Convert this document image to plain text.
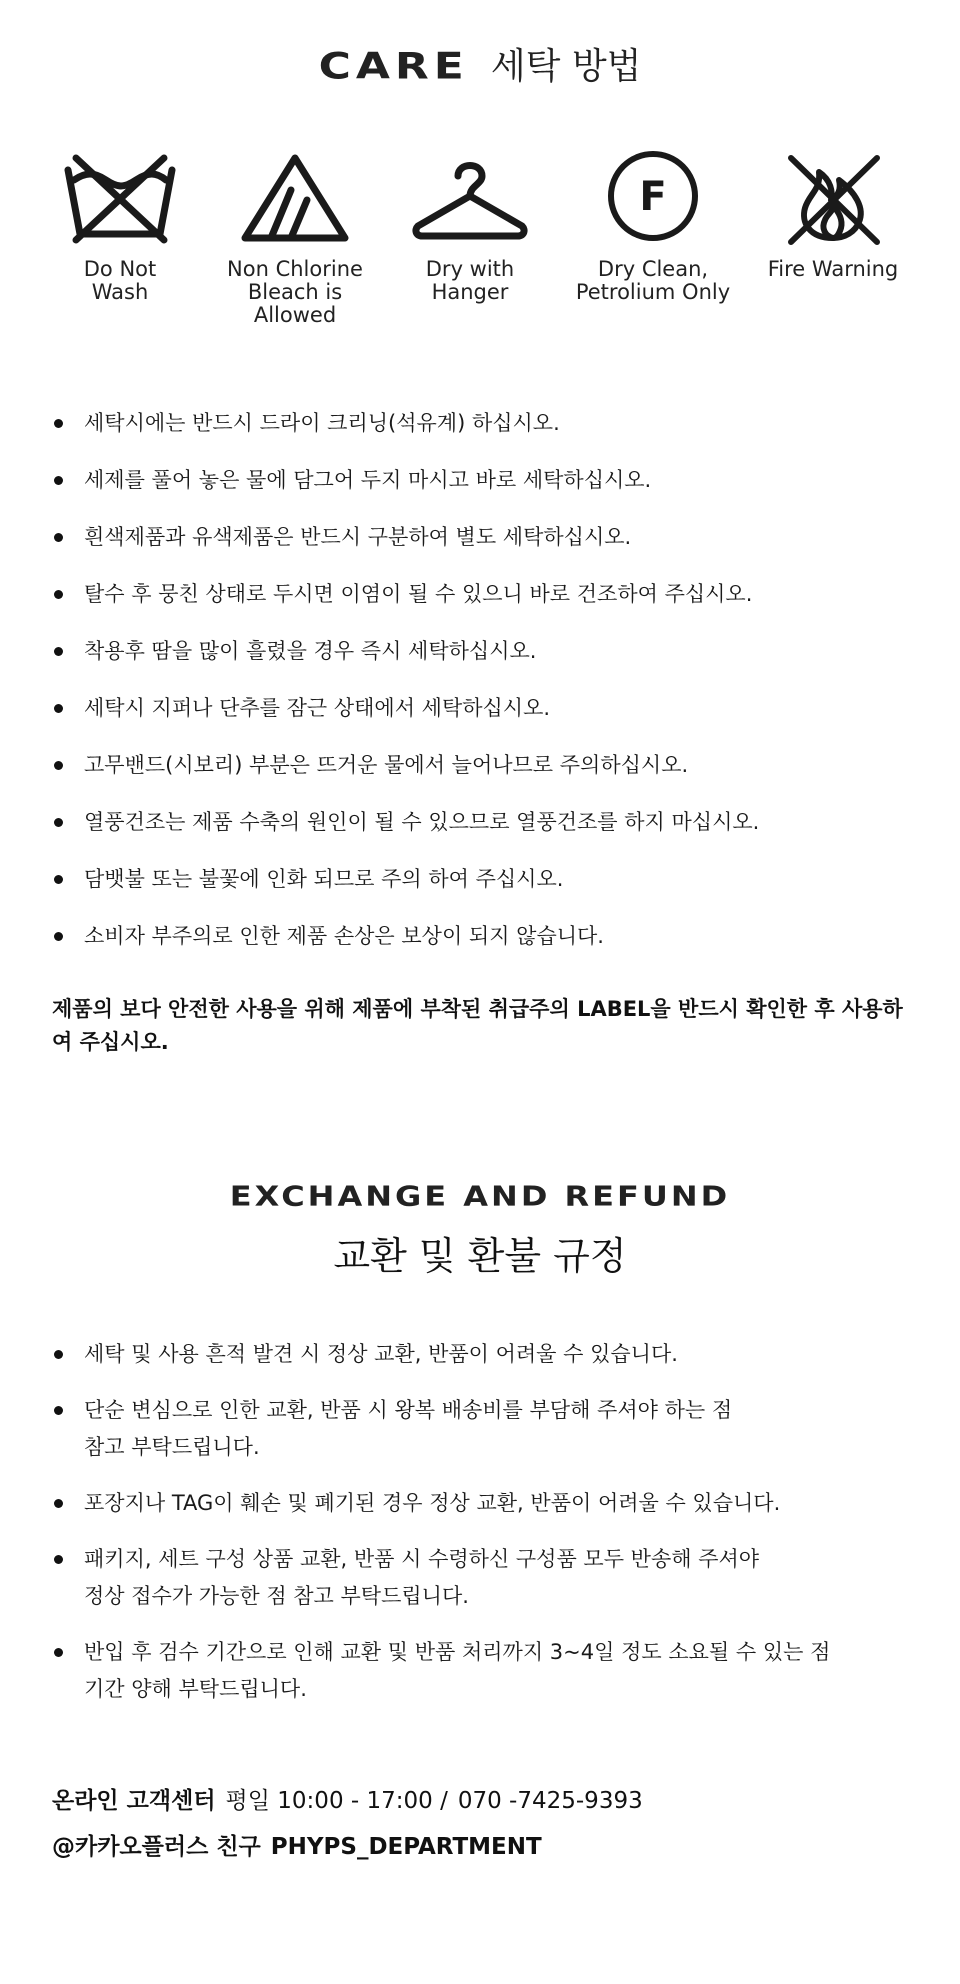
CARE 세탁 방법
Do Not
Wash
Non Chlorine
Bleach is
Allowed
Dry with
Hanger
F
Dry Clean,
Petrolium Only
Fire Warning
세탁시에는 반드시 드라이 크리닝(석유계) 하십시오.
세제를 풀어 놓은 물에 담그어 두지 마시고 바로 세탁하십시오.
흰색제품과 유색제품은 반드시 구분하여 별도 세탁하십시오.
탈수 후 뭉친 상태로 두시면 이염이 될 수 있으니 바로 건조하여 주십시오.
착용후 땀을 많이 흘렸을 경우 즉시 세탁하십시오.
세탁시 지퍼나 단추를 잠근 상태에서 세탁하십시오.
고무밴드(시보리) 부분은 뜨거운 물에서 늘어나므로 주의하십시오.
열풍건조는 제품 수축의 원인이 될 수 있으므로 열풍건조를 하지 마십시오.
담뱃불 또는 불꽃에 인화 되므로 주의 하여 주십시오.
소비자 부주의로 인한 제품 손상은 보상이 되지 않습니다.
제품의 보다 안전한 사용을 위해 제품에 부착된 취급주의 LABEL을 반드시 확인한 후 사용하여 주십시오.
EXCHANGE AND REFUND
교환 및 환불 규정
세탁 및 사용 흔적 발견 시 정상 교환, 반품이 어려울 수 있습니다.
단순 변심으로 인한 교환, 반품 시 왕복 배송비를 부담해 주셔야 하는 점
참고 부탁드립니다.
포장지나 TAG이 훼손 및 폐기된 경우 정상 교환, 반품이 어려울 수 있습니다.
패키지, 세트 구성 상품 교환, 반품 시 수령하신 구성품 모두 반송해 주셔야
정상 접수가 가능한 점 참고 부탁드립니다.
반입 후 검수 기간으로 인해 교환 및 반품 처리까지 3~4일 정도 소요될 수 있는 점
기간 양해 부탁드립니다.
온라인 고객센터 평일 10:00 - 17:00 / 070 -7425-9393
@카카오플러스 친구 PHYPS_DEPARTMENT
